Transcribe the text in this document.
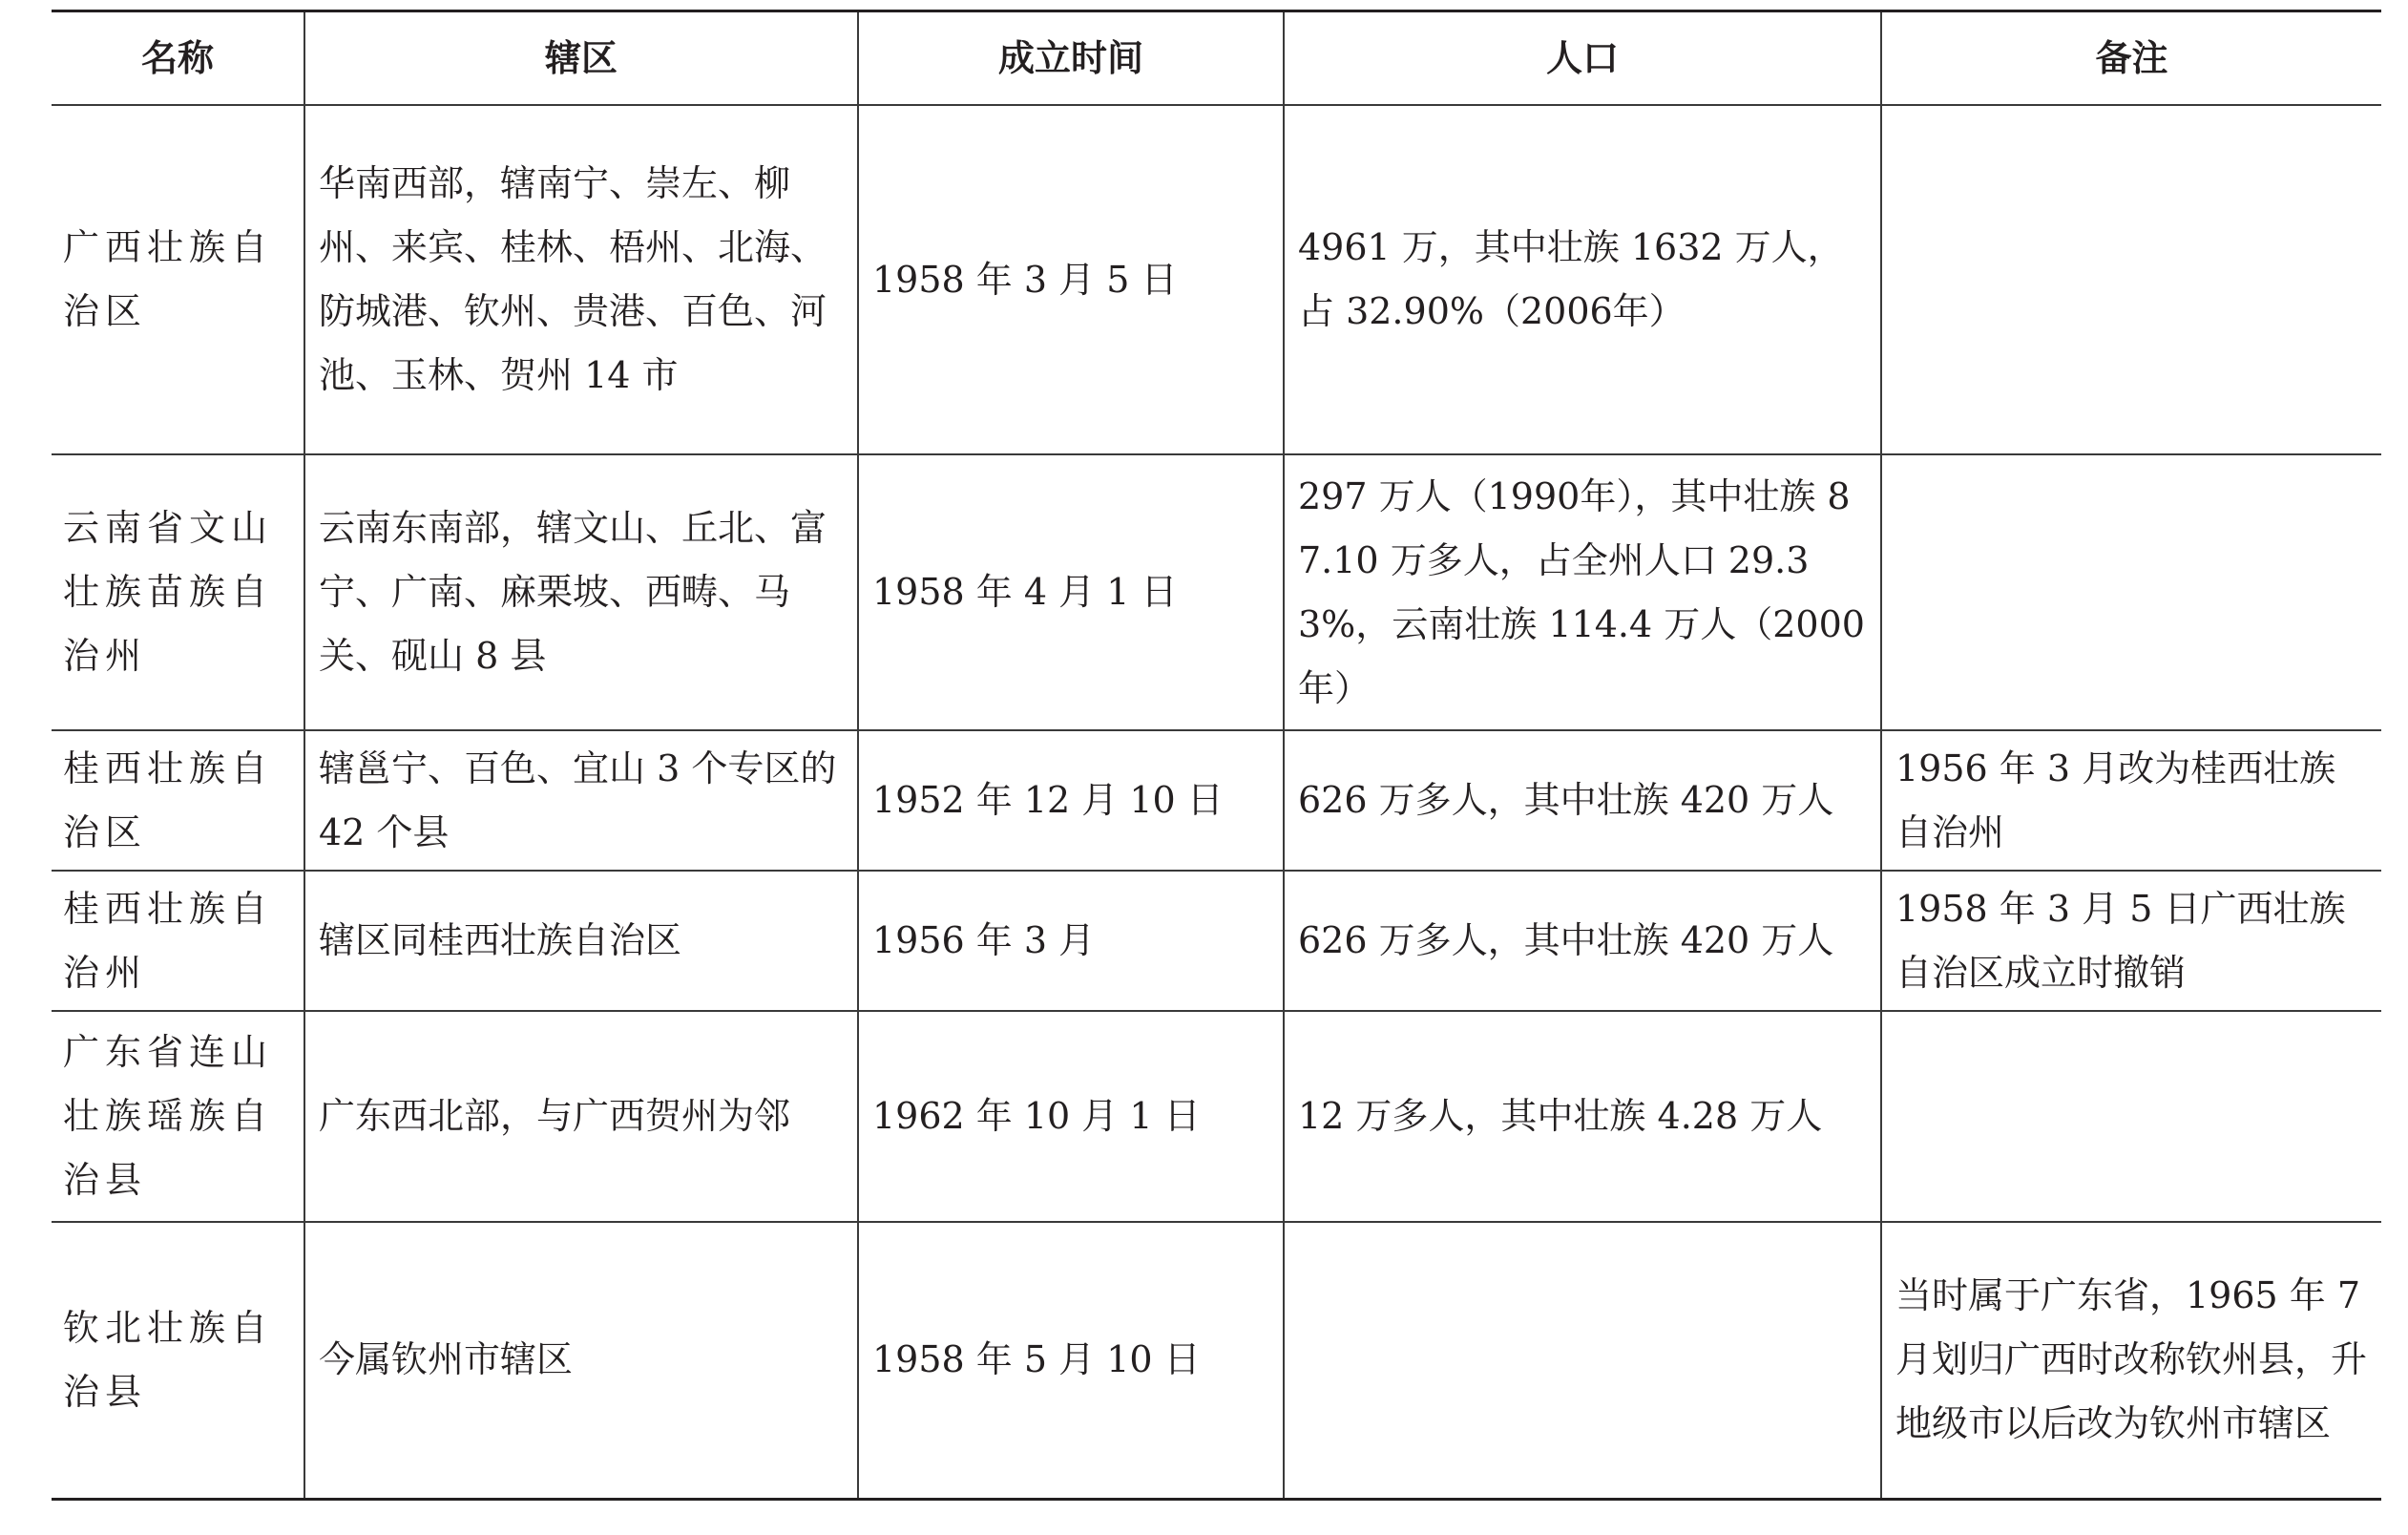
名称	辖区	成立时间	人口	备注
广西壮族自治区	华南西部，辖南宁、崇左、柳州、来宾、桂林、梧州、北海、防城港、钦州、贵港、百色、河池、玉林、贺州 14 市	1958 年 3 月 5 日	4961 万，其中壮族 1632 万人，占 32.90%（2006年）	
云南省文山壮族苗族自治州	云南东南部，辖文山、丘北、富宁、广南、麻栗坡、西畴、马关、砚山 8 县	1958 年 4 月 1 日	297 万人（1990年），其中壮族 87.10 万多人，占全州人口 29.33%，云南壮族 114.4 万人（2000 年）	
桂西壮族自治区	辖邕宁、百色、宜山 3 个专区的 42 个县	1952 年 12 月 10 日	626 万多人，其中壮族 420 万人	1956 年 3 月改为桂西壮族自治州
桂西壮族自治州	辖区同桂西壮族自治区	1956 年 3 月	626 万多人，其中壮族 420 万人	1958 年 3 月 5 日广西壮族自治区成立时撤销
广东省连山壮族瑶族自治县	广东西北部，与广西贺州为邻	1962 年 10 月 1 日	12 万多人，其中壮族 4.28 万人	
钦北壮族自治县	今属钦州市辖区	1958 年 5 月 10 日		当时属于广东省，1965 年 7 月划归广西时改称钦州县，升地级市以后改为钦州市辖区
